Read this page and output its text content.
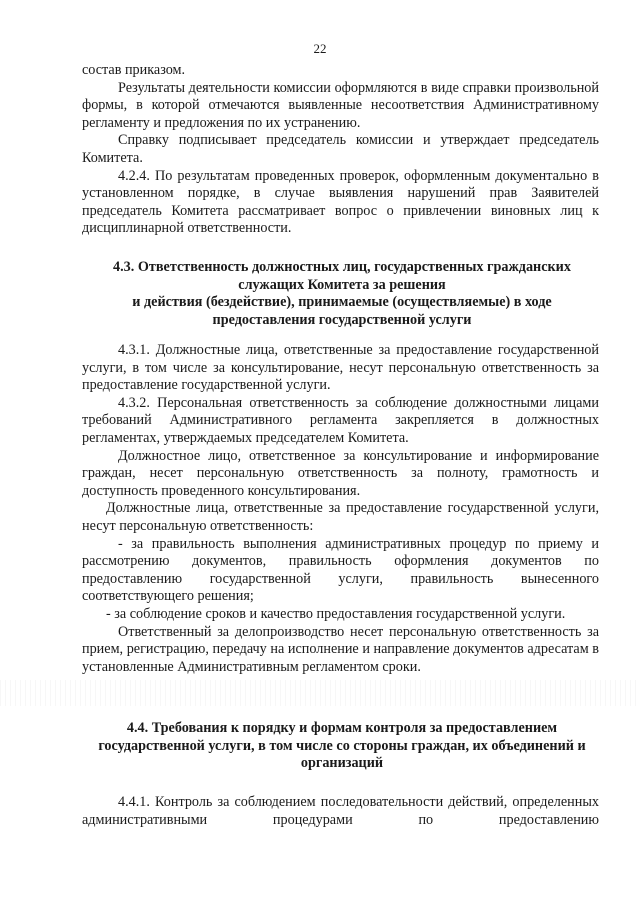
22

состав приказом.

Результаты деятельности комиссии оформляются в виде справки произвольной формы, в которой отмечаются выявленные несоответствия Административному регламенту и предложения по их устранению.

Справку подписывает председатель комиссии и утверждает председатель Комитета.

4.2.4. По результатам проведенных проверок, оформленным документально в установленном порядке, в случае выявления нарушений прав Заявителей председатель Комитета рассматривает вопрос о привлечении виновных лиц к дисциплинарной ответственности.

4.3. Ответственность должностных лиц, государственных гражданских служащих Комитета за решения

и действия (бездействие), принимаемые (осуществляемые) в ходе предоставления государственной услуги

4.3.1. Должностные лица, ответственные за предоставление государственной услуги, в том числе за консультирование, несут персональную ответственность за предоставление государственной услуги.

4.3.2. Персональная ответственность за соблюдение должностными лицами требований Административного регламента закрепляется в должностных регламентах, утверждаемых председателем Комитета.

Должностное лицо, ответственное за консультирование и информирование граждан, несет персональную ответственность за полноту, грамотность и доступность проведенного консультирования.

Должностные лица, ответственные за предоставление государственной услуги, несут персональную ответственность:

- за правильность выполнения административных процедур по приему и рассмотрению документов, правильность оформления документов по предоставлению государственной услуги, правильность вынесенного соответствующего решения;

- за соблюдение сроков и качество предоставления государственной услуги.

Ответственный за делопроизводство несет персональную ответственность за прием, регистрацию, передачу на исполнение и направление документов адресатам в установленные Административным регламентом сроки.

4.4. Требования к порядку и формам контроля за предоставлением государственной услуги, в том числе со стороны граждан, их объединений и организаций

4.4.1. Контроль за соблюдением последовательности действий, определенных административными процедурами по предоставлению
